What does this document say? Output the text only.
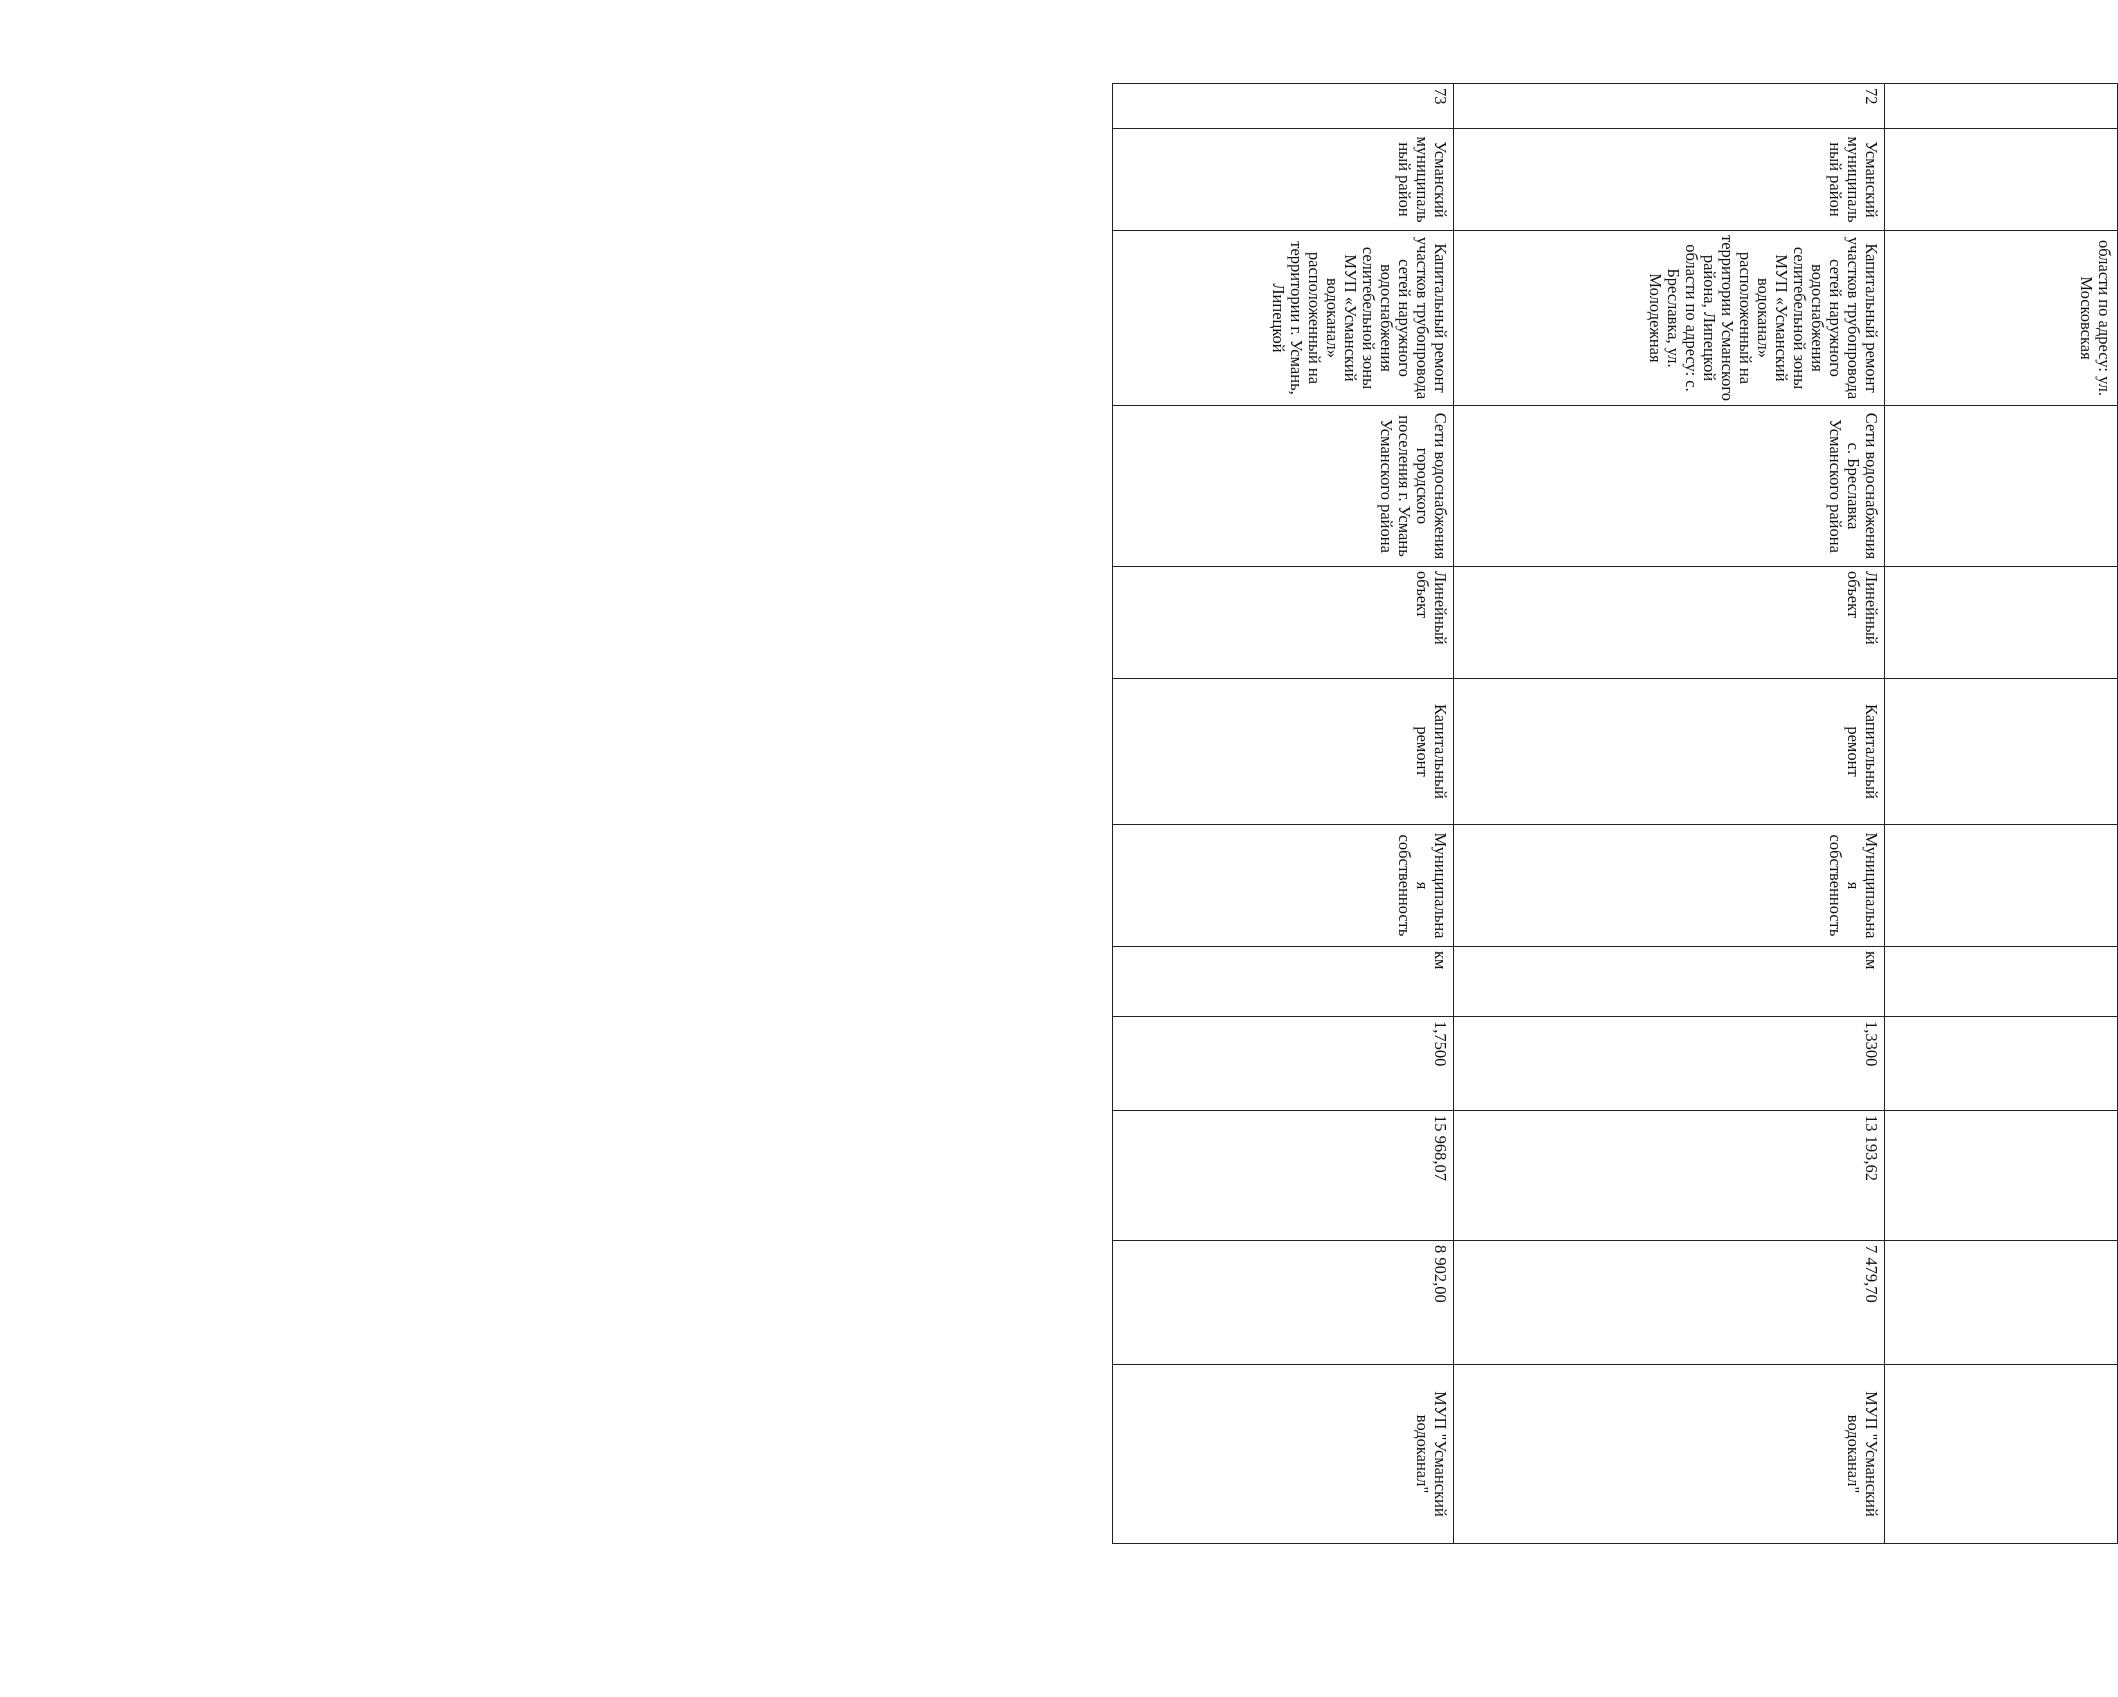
		области по адресу: ул. Московская									
72	Усманский муниципальный район	Капитальный ремонт участков трубопровода сетей наружного водоснабжения селитебельной зоны МУП «Усманский водоканал» расположенный на территории Усманского района, Липецкой области по адресу: с. Бреславка, ул. Молодежная	Сети водоснабжения с. Бреславка Усманского района	Линейный объект	Капитальный ремонт	Муниципальная собственность	км	1,3300	13 193,62	7 479,70	МУП "Усманский водоканал"
73	Усманский муниципальный район	Капитальный ремонт участков трубопровода сетей наружного водоснабжения селитебельной зоны МУП «Усманский водоканал» расположенный на территории г. Усмань, Липецкой	Сети водоснабжения городского поселения г. Усмань Усманского района	Линейный объект	Капитальный ремонт	Муниципальная собственность	км	1,7500	15 968,07	8 902,00	МУП "Усманский водоканал"
